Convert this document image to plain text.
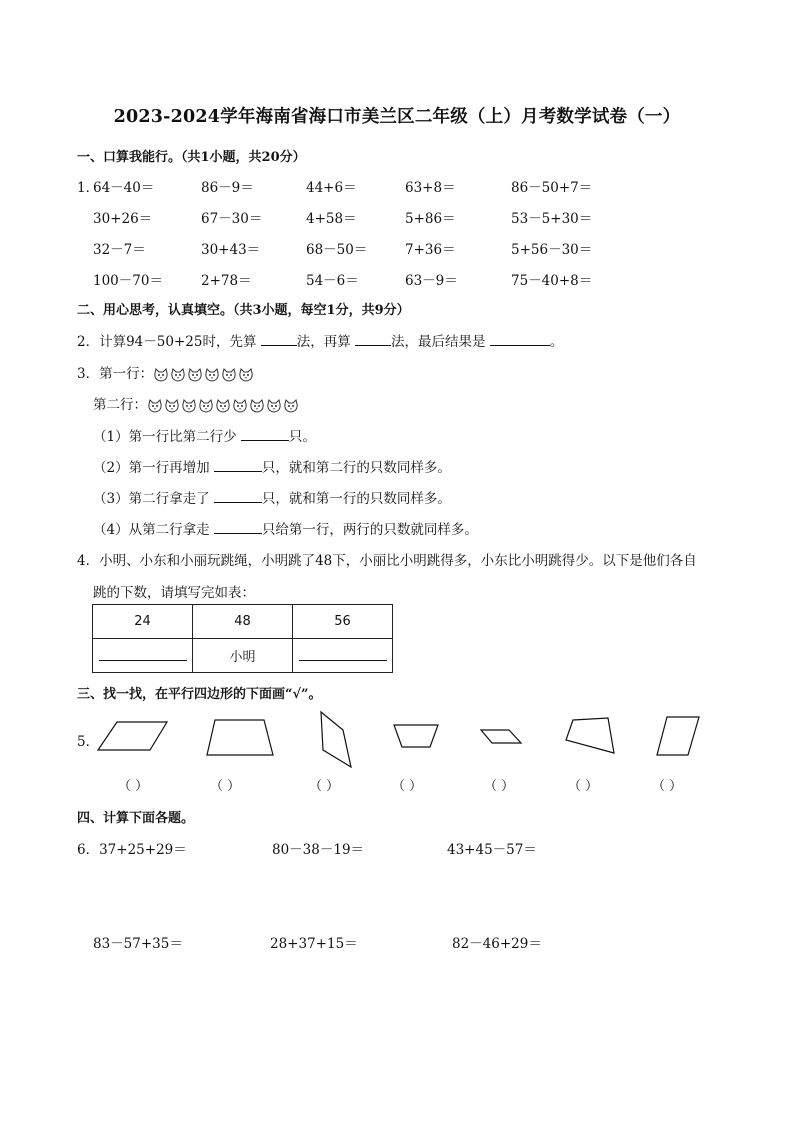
2023-2024学年海南省海口市美兰区二年级（上）月考数学试卷（一）
一、口算我能行。（共1小题，共20分）
1．
64－40＝	86－9＝	44+6＝	63+8＝	86－50+7＝
30+26＝	67－30＝	4+58＝	5+86＝	53－5+30＝
32－7＝	30+43＝	68－50＝	7+36＝	5+56－30＝
100－70＝	2+78＝	54－6＝	63－9＝	75－40+8＝
二、用心思考，认真填空。（共3小题，每空1分，共9分）
2．计算94－50+25时，先算	法，再算	法，最后结果是	。
3．第一行：
第二行：
（1）第一行比第二行少	只。
（2）第一行再增加	只，就和第二行的只数同样多。
（3）第二行拿走了	只，就和第一行的只数同样多。
（4）从第二行拿走	只给第一行，两行的只数就同样多。
4．小明、小东和小丽玩跳绳，小明跳了48下，小丽比小明跳得多，小东比小明跳得少。以下是他们各自
跳的下数，请填写完如表：
24	48	56
	小明	
三、找一找，在平行四边形的下面画“√”。
5．
（ ）	（ ）	（ ）	（ ）	（ ）	（ ）	（ ）
四、计算下面各题。
6．37+25+29＝	80－38－19＝	43+45－57＝
83－57+35＝	28+37+15＝	82－46+29＝
